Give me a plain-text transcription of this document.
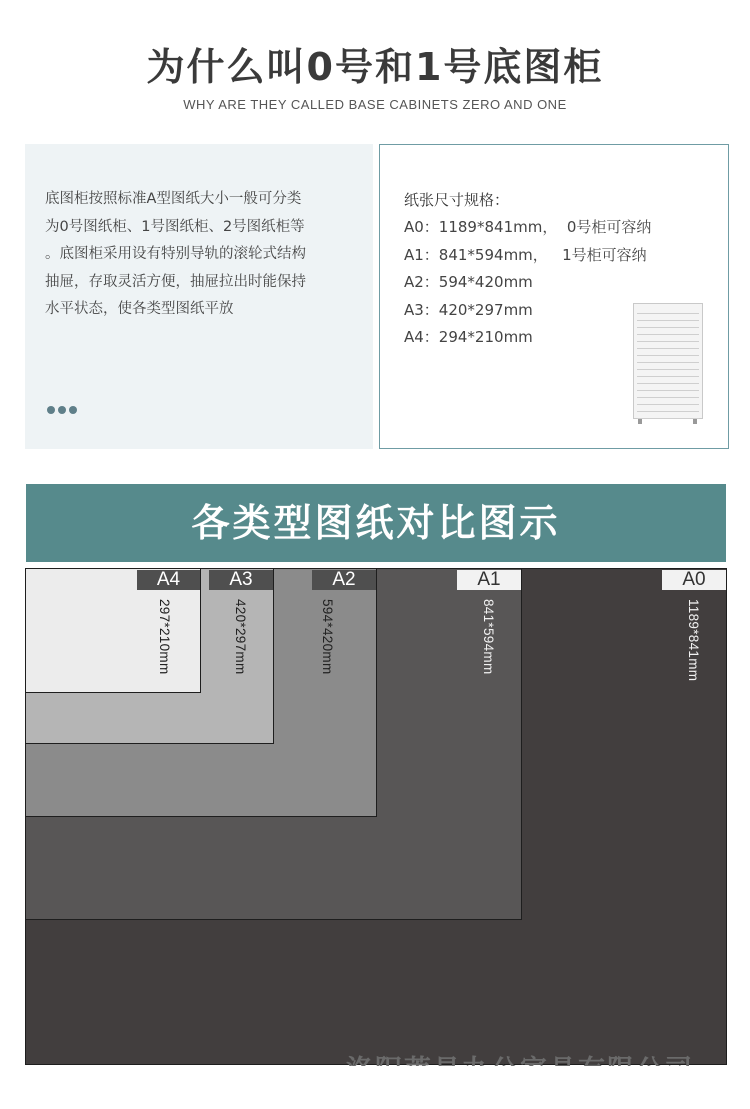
为什么叫0号和1号底图柜
WHY ARE THEY CALLED BASE CABINETS ZERO AND ONE
底图柜按照标准A型图纸大小一般可分类
为0号图纸柜、1号图纸柜、2号图纸柜等
。底图柜采用设有特别导轨的滚轮式结构
抽屉，存取灵活方便，抽屉拉出时能保持
水平状态，使各类型图纸平放
纸张尺寸规格：
A0：1189*841mm，  0号柜可容纳
A1：841*594mm，   1号柜可容纳
A2：594*420mm
A3：420*297mm
A4：294*210mm
各类型图纸对比图示
A0
1189*841mm
A1
841*594mm
A2
594*420mm
A3
420*297mm
A4
297*210mm
